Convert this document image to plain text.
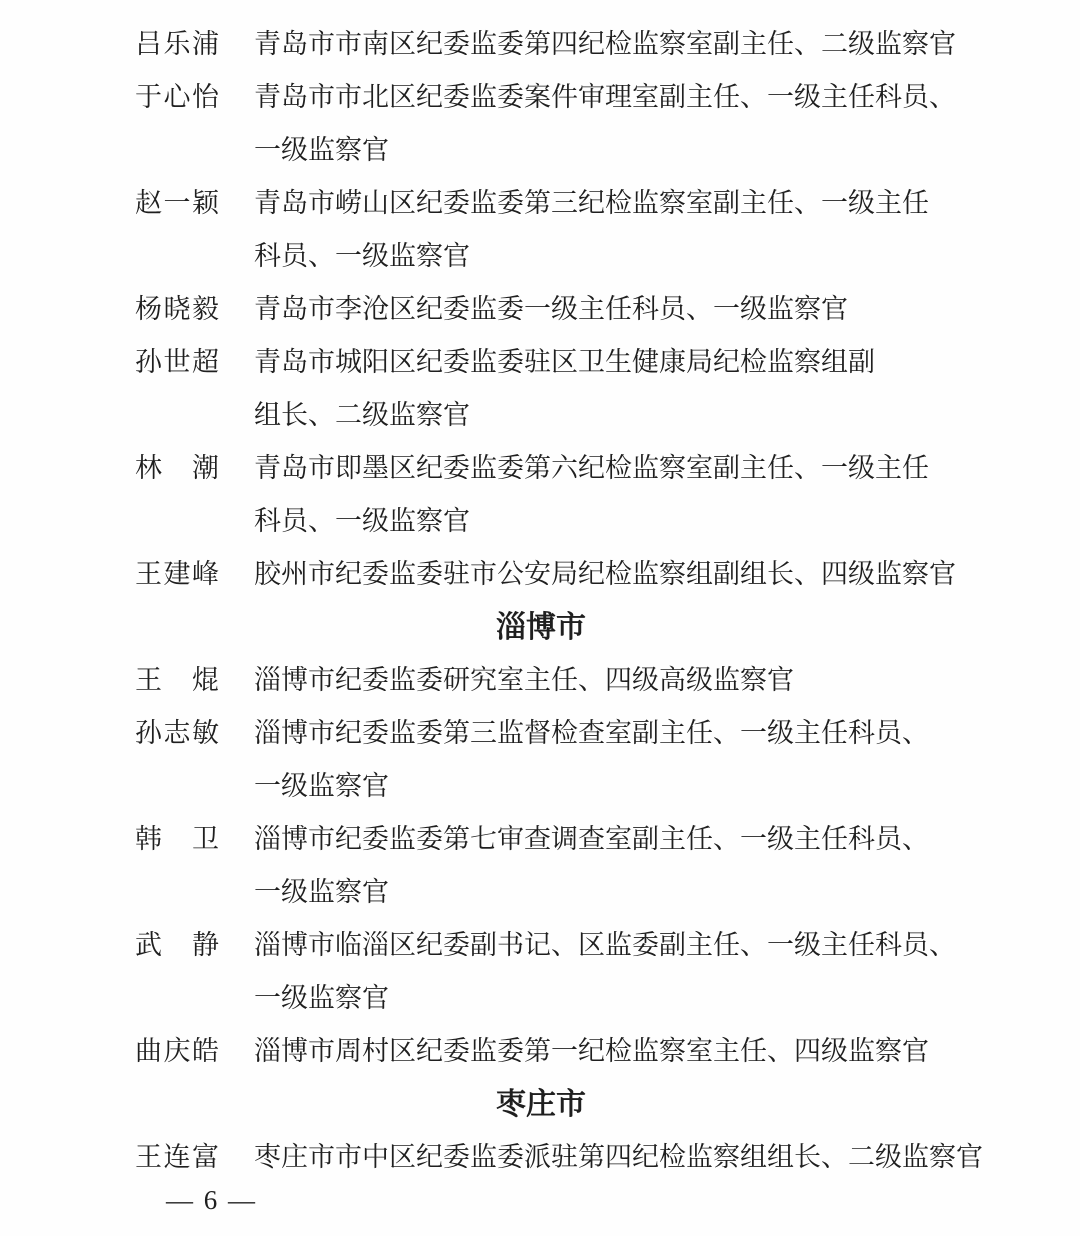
吕乐浦 青岛市市南区纪委监委第四纪检监察室副主任、二级监察官
于心怡 青岛市市北区纪委监委案件审理室副主任、一级主任科员、
一级监察官
赵一颖 青岛市崂山区纪委监委第三纪检监察室副主任、一级主任
科员、一级监察官
杨晓毅 青岛市李沧区纪委监委一级主任科员、一级监察官
孙世超 青岛市城阳区纪委监委驻区卫生健康局纪检监察组副
组长、二级监察官
林　潮 青岛市即墨区纪委监委第六纪检监察室副主任、一级主任
科员、一级监察官
王建峰 胶州市纪委监委驻市公安局纪检监察组副组长、四级监察官
淄博市
王　焜 淄博市纪委监委研究室主任、四级高级监察官
孙志敏 淄博市纪委监委第三监督检查室副主任、一级主任科员、
一级监察官
韩　卫 淄博市纪委监委第七审查调查室副主任、一级主任科员、
一级监察官
武　静 淄博市临淄区纪委副书记、区监委副主任、一级主任科员、
一级监察官
曲庆皓 淄博市周村区纪委监委第一纪检监察室主任、四级监察官
枣庄市
王连富 枣庄市市中区纪委监委派驻第四纪检监察组组长、二级监察官
— 6 —
